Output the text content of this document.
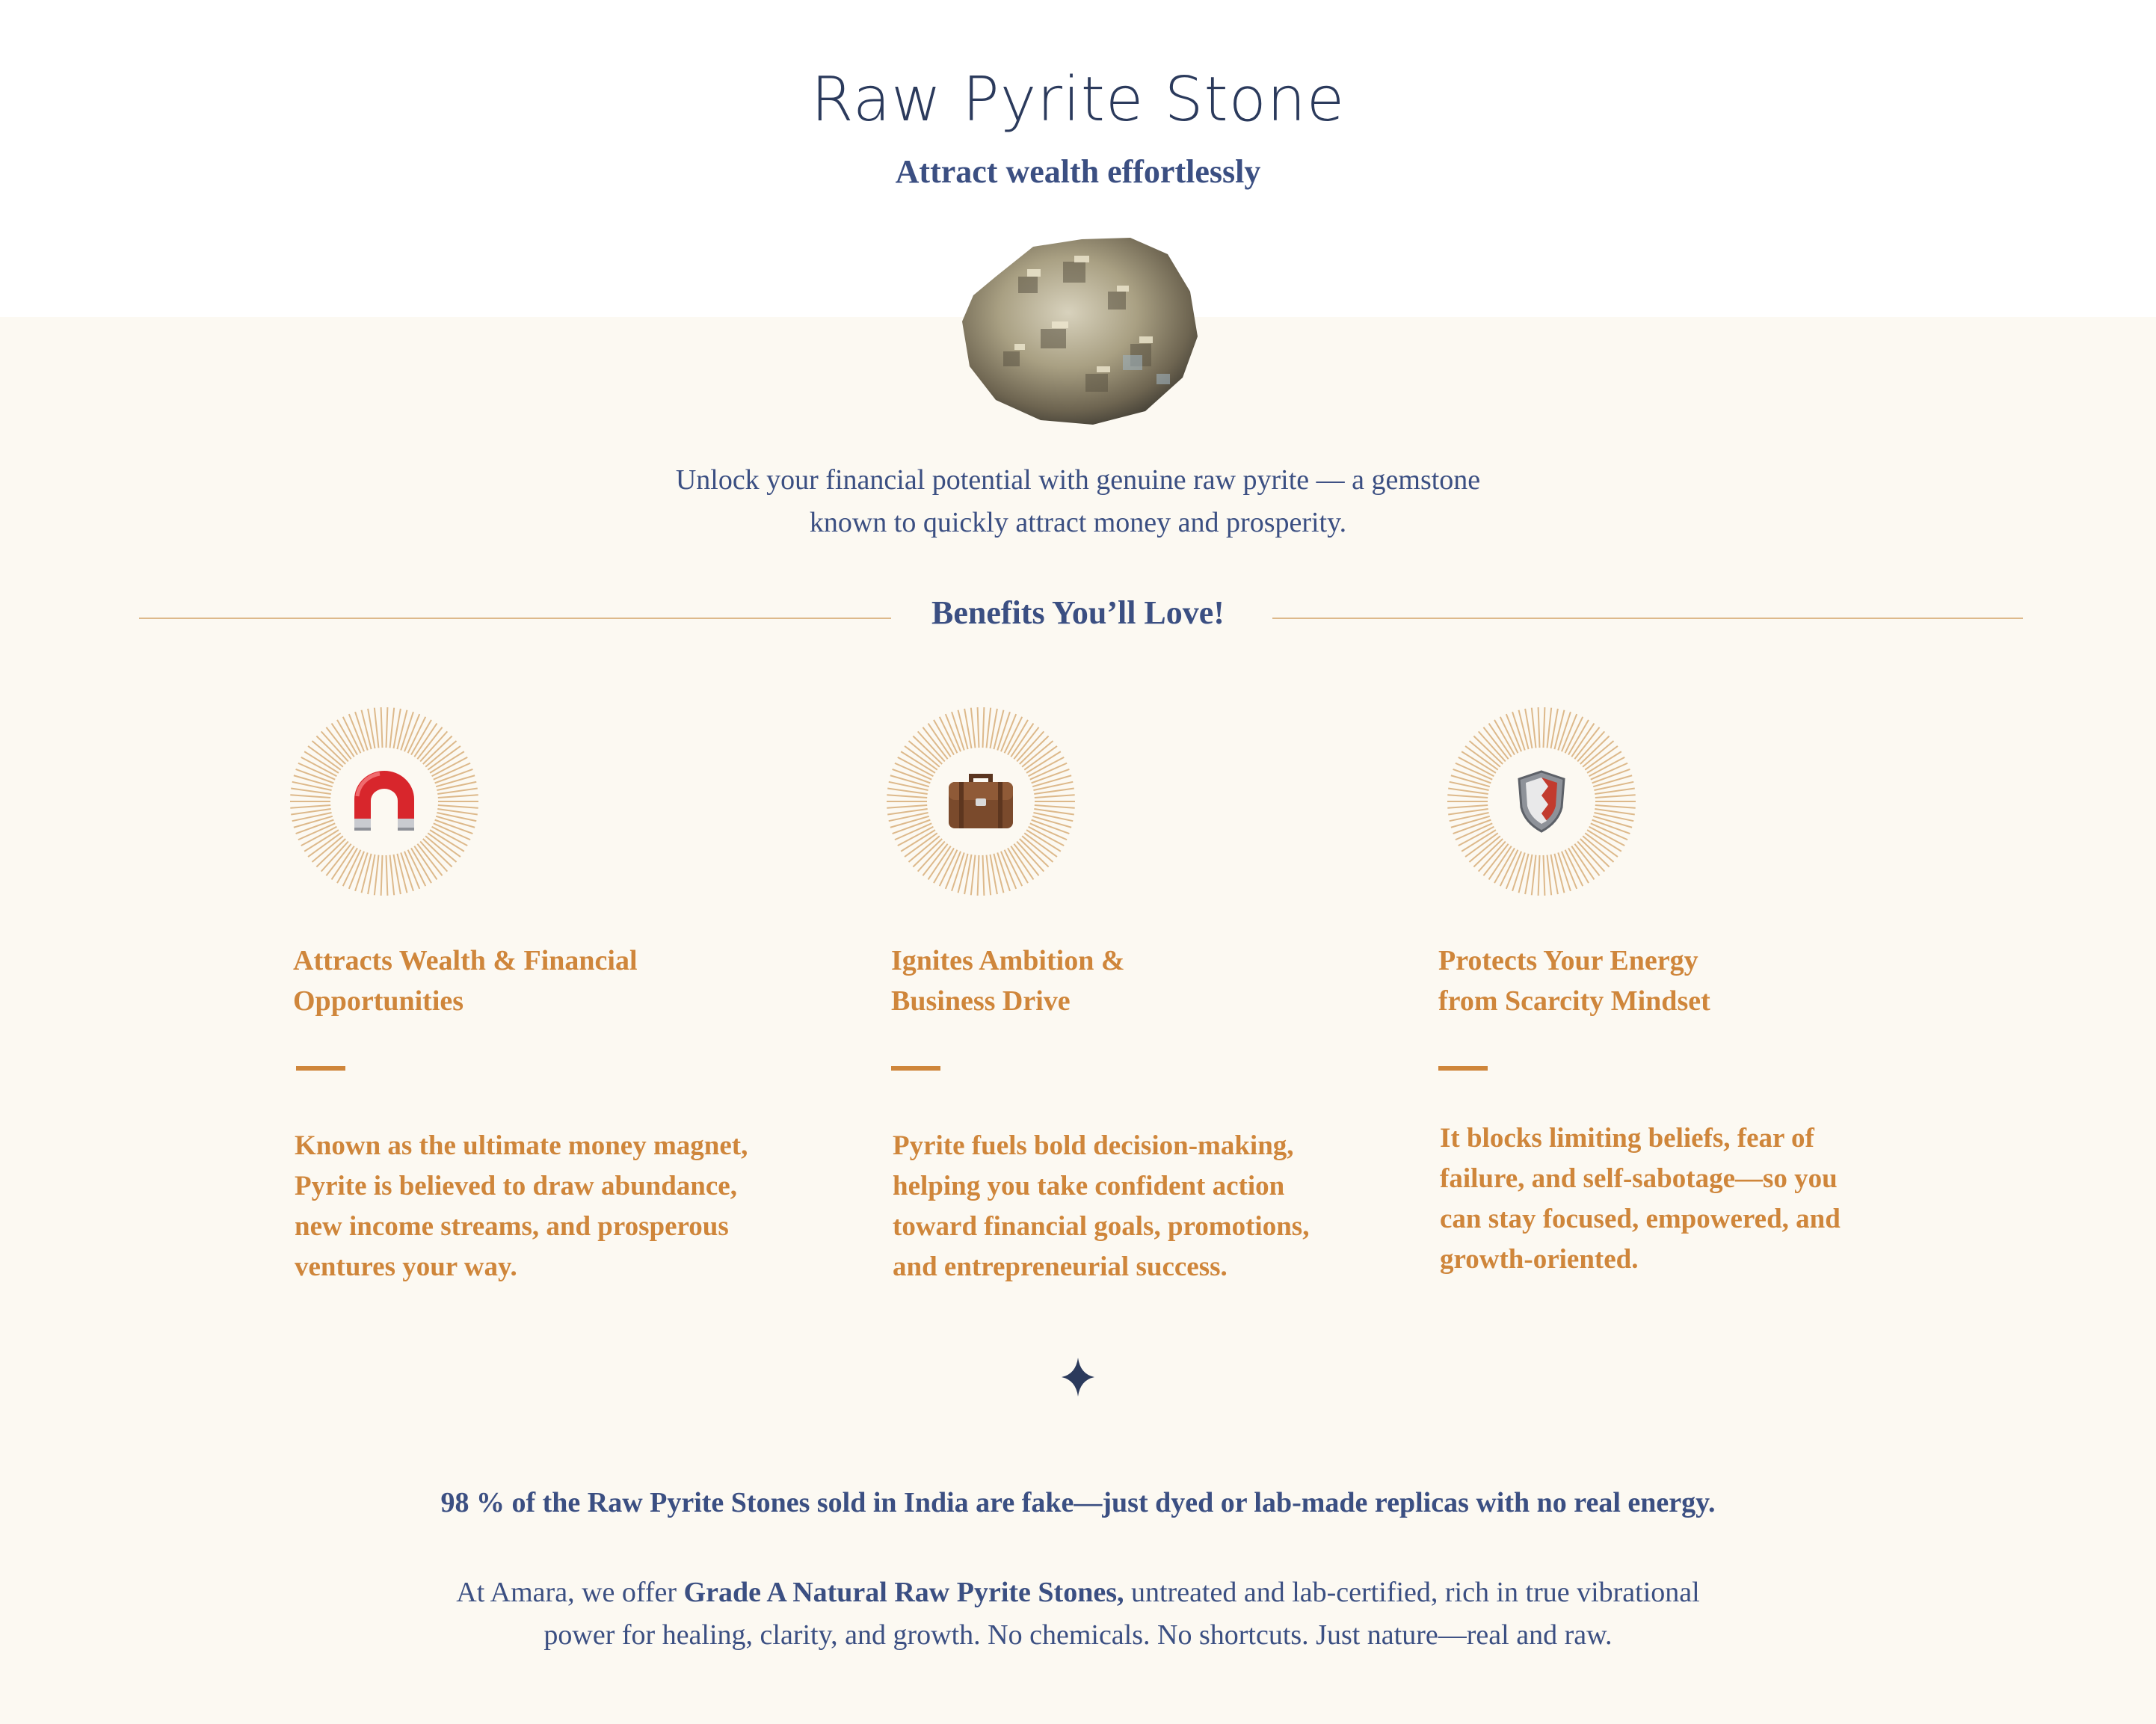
Raw Pyrite Stone
Attract wealth effortlessly
Unlock your financial potential with genuine raw pyrite — a gemstone
known to quickly attract money and prosperity.
Benefits You’ll Love!
Attracts Wealth & Financial
Opportunities
Known as the ultimate money magnet,
Pyrite is believed to draw abundance,
new income streams, and prosperous
ventures your way.
Ignites Ambition &
Business Drive
Pyrite fuels bold decision-making,
helping you take confident action
toward financial goals, promotions,
and entrepreneurial success.
Protects Your Energy
from Scarcity Mindset
It blocks limiting beliefs, fear of
failure, and self-sabotage—so you
can stay focused, empowered, and
growth-oriented.
98 % of the Raw Pyrite Stones sold in India are fake—just dyed or lab-made replicas with no real energy.
At Amara, we offer Grade A Natural Raw Pyrite Stones, untreated and lab-certified, rich in true vibrational
power for healing, clarity, and growth. No chemicals. No shortcuts. Just nature—real and raw.
